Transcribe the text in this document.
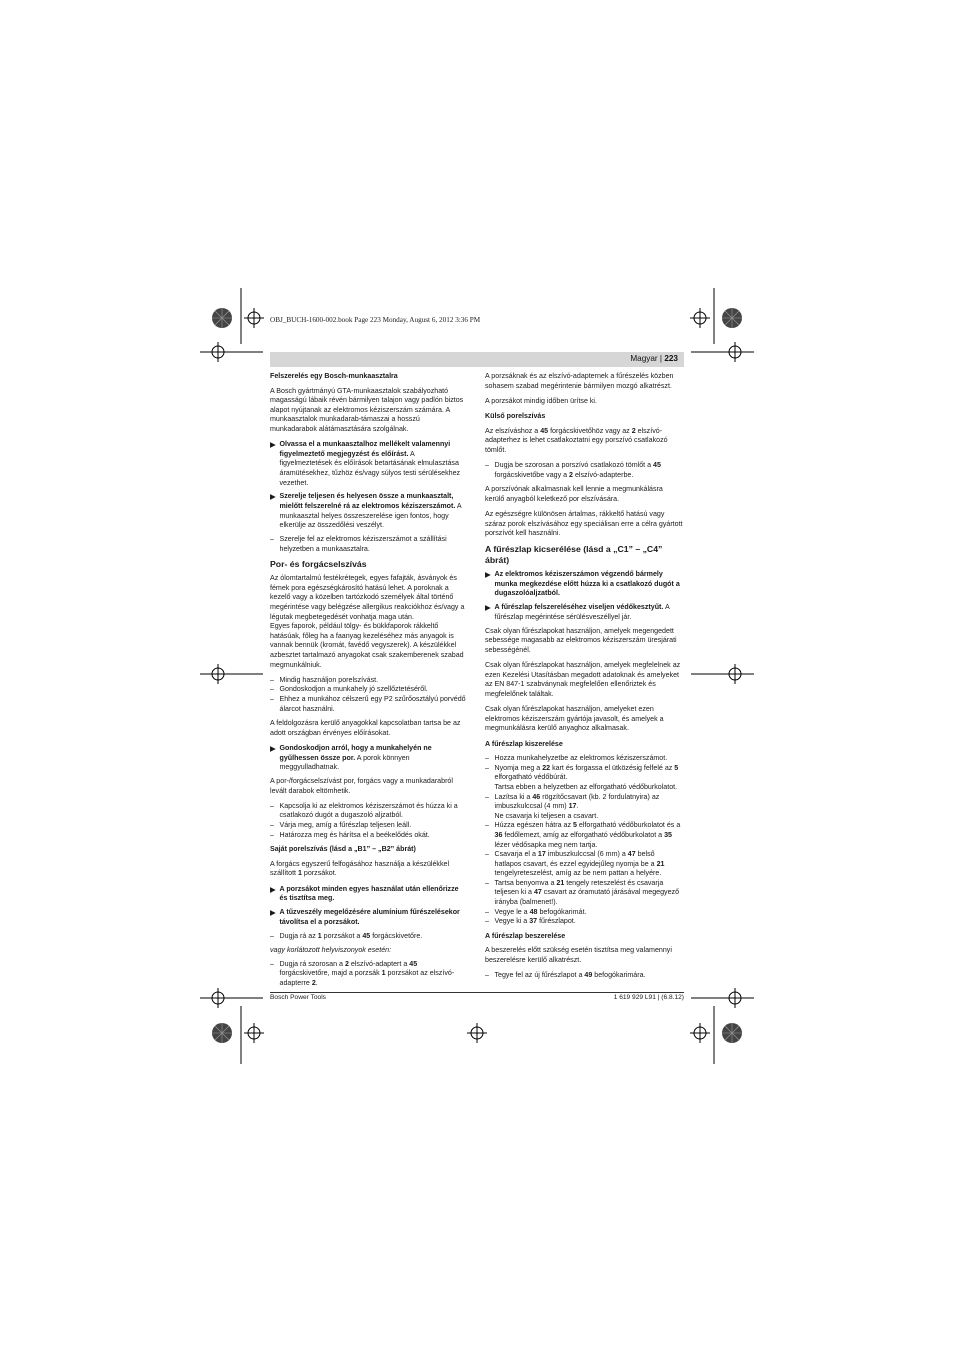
OBJ_BUCH-1600-002.book Page 223 Monday, August 6, 2012 3:36 PM
Magyar | 223
Felszerelés egy Bosch-munkaasztalra

A Bosch gyártmányú GTA-munkaasztalok szabályozható magasságú lábaik révén bármilyen talajon vagy padlón biztos alapot nyújtanak az elektromos kéziszerszám számára. A munkaasztalok munkadarab-támaszai a hosszú munkadarabok alátámasztására szolgálnak.

▶ Olvassa el a munkaasztalhoz mellékelt valamennyi figyelmeztető megjegyzést és előírást. A figyelmeztetések és előírások betartásának elmulasztása áramütésekhez, tűzhöz és/vagy súlyos testi sérülésekhez vezethet.
▶ Szerelje teljesen és helyesen össze a munkaasztalt, mielőtt felszerelné rá az elektromos kéziszerszámot. A munkaasztal helyes összeszerelése igen fontos, hogy elkerülje az összedőlési veszélyt.
– Szerelje fel az elektromos kéziszerszámot a szállítási helyzetben a munkaasztalra.
Por- és forgácselszívás

Az ólomtartalmú festékrétegek, egyes fafajták, ásványok és fémek pora egészségkárosító hatású lehet. A poroknak a kezelő vagy a közelben tartózkodó személyek által történő megérintése vagy belégzése allergikus reakciókhoz és/vagy a légutak megbetegedését vonhatja maga után.

Egyes faporok, például tölgy- és bükkfaporok rákkeltő hatásúak, főleg ha a faanyag kezeléséhez más anyagok is vannak bennük (kromát, favédő vegyszerek). A készülékkel azbesztet tartalmazó anyagokat csak szakemberenek szabad megmunkálniuk.

– Mindig használjon porelszívást.
– Gondoskodjon a munkahely jó szellőztetéséről.
– Ehhez a munkához célszerű egy P2 szűrőosztályú porvédő álarcot használni.

A feldolgozásra kerülő anyagokkal kapcsolatban tartsa be az adott országban érvényes előírásokat.

▶ Gondoskodjon arról, hogy a munkahelyén ne gyűlhessen össze por. A porok könnyen meggyulladhatnak.

A por-/forgácselszívást por, forgács vagy a munkadarabról levált darabok eltömhetik.

– Kapcsolja ki az elektromos kéziszerszámot és húzza ki a csatlakozó dugót a dugaszoló aljzatból.
– Várja meg, amíg a fűrészlap teljesen leáll.
– Határozza meg és hárítsa el a beékelődés okát.
Saját porelszívás (lásd a „B1” – „B2” ábrát)

A forgács egyszerű felfogásához használja a készülékkel szállított 1 porzsákot.

▶ A porzsákot minden egyes használat után ellenőrizze és tisztítsa meg.
▶ A tűzveszély megelőzésére alumínium fűrészelésekor távolítsa el a porzsákot.
– Dugja rá az 1 porzsákot a 45 forgácskivetőre.
vagy korlátozott helyviszonyok esetén:
– Dugja rá szorosan a 2 elszívó-adaptert a 45 forgácskivetőre, majd a porzsák 1 porzsákot az elszívó-adapterre 2.

A porzsáknak és az elszívó-adapternek a fűrészelés közben sohasem szabad megérintenie bármilyen mozgó alkatrészt.

A porzsákot mindig időben ürítse ki.

Külső porelszívás

Az elszíváshoz a 45 forgácskivetőhöz vagy az 2 elszívó-adapterhez is lehet csatlakoztatni egy porszívó csatlakozó tömlőt.

– Dugja be szorosan a porszívó csatlakozó tömlőt a 45 forgácskivetőbe vagy a 2 elszívó-adapterbe.

A porszívónak alkalmasnak kell lennie a megmunkálásra kerülő anyagból keletkező por elszívására.

Az egészségre különösen ártalmas, rákkeltő hatású vagy száraz porok elszívásához egy speciálisan erre a célra gyártott porszívót kell használni.

A fűrészlap kicserélése (lásd a „C1” – „C4” ábrát)
▶ Az elektromos kéziszerszámon végzendő bármely munka megkezdése előtt húzza ki a csatlakozó dugót a dugaszolóaljzatból.
▶ A fűrészlap felszereléséhez viseljen védőkesztyűt. A fűrészlap megérintése sérülésveszéllyel jár.

Csak olyan fűrészlapokat használjon, amelyek megengedett sebessége magasabb az elektromos kéziszerszám üresjárati sebességénél.

Csak olyan fűrészlapokat használjon, amelyek megfelelnek az ezen Kezelési Utasításban megadott adatoknak és amelyeket az EN 847-1 szabványnak megfelelően ellenőriztek és megfelelőnek találtak.

Csak olyan fűrészlapokat használjon, amelyeket ezen elektromos kéziszerszám gyártója javasolt, és amelyek a megmunkálásra kerülő anyaghoz alkalmasak.

A fűrészlap kiszerelése
– Hozza munkahelyzetbe az elektromos kéziszerszámot.
– Nyomja meg a 22 kart és forgassa el ütközésig felfelé az 5 elforgatható védőbúrát.
Tartsa ebben a helyzetben az elforgatható védőburkolatot.
– Lazítsa ki a 46 rögzítőcsavart (kb. 2 fordulatnyira) az imbuszkulccsal (4 mm) 17.
Ne csavarja ki teljesen a csavart.
– Húzza egészen hátra az 5 elforgatható védőburkolatot és a 36 fedőlemezt, amíg az elforgatható védőburkolatot a 35 lézer védősapka meg nem tartja.
– Csavarja el a 17 imbuszkulccsal (6 mm) a 47 belső hatlapos csavart, és ezzel egyidejűleg nyomja be a 21 tengelyreteszelést, amíg az be nem pattan a helyére.
– Tartsa benyomva a 21 tengely reteszelést és csavarja teljesen ki a 47 csavart az óramutató járásával megegyező irányba (balmenet!).
– Vegye le a 48 befogókarimát.
– Vegye ki a 37 fűrészlapot.
A fűrészlap beszerelése

A beszerelés előtt szükség esetén tisztítsa meg valamennyi beszerelésre kerülő alkatrészt.

– Tegye fel az új fűrészlapot a 49 befogókarimára.
Bosch Power Tools	1 619 929 L91 | (6.8.12)
